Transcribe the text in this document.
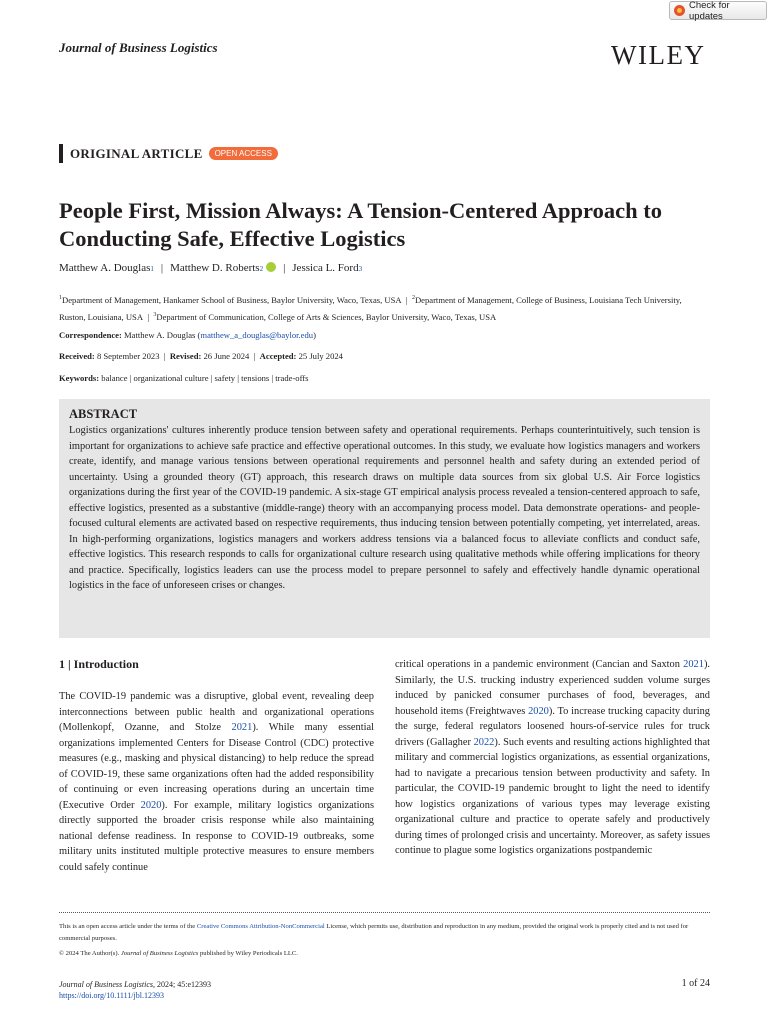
Check for updates
Journal of Business Logistics	WILEY
ORIGINAL ARTICLE	OPEN ACCESS
People First, Mission Always: A Tension-Centered Approach to Conducting Safe, Effective Logistics
Matthew A. Douglas 1 | Matthew D. Roberts 2 | Jessica L. Ford 3
$^1$Department of Management, Hankamer School of Business, Baylor University, Waco, Texas, USA  |  $^2$Department of Management, College of Business, Louisiana Tech University, Ruston, Louisiana, USA  |  $^3$Department of Communication, College of Arts & Sciences, Baylor University, Waco, Texas, USA
Correspondence: Matthew A. Douglas (matthew_a_douglas@baylor.edu)
Received: 8 September 2023  |  Revised: 26 June 2024  |  Accepted: 25 July 2024
Keywords: balance | organizational culture | safety | tensions | trade-offs
ABSTRACT
Logistics organizations' cultures inherently produce tension between safety and operational requirements. Perhaps counterintuitively, such tension is important for organizations to achieve safe practice and effective operational outcomes. In this study, we evaluate how logistics managers and workers create, identify, and manage various tensions between operational requirements and personnel health and safety during an extended period of uncertainty. Using a grounded theory (GT) approach, this research draws on multiple data sources from six global U.S. Air Force logistics organizations during the first year of the COVID-19 pandemic. A six-stage GT empirical analysis process revealed a tension-centered approach to safe, effective logistics, presented as a substantive (middle-range) theory with an accompanying process model. Data demonstrate operations- and people-focused cultural elements are activated based on respective requirements, thus inducing tension between potentially competing, yet interrelated, areas. In high-performing organizations, logistics managers and workers address tensions via a balanced focus to alleviate conflicts and conduct safe, effective logistics. This research responds to calls for organizational culture research using qualitative methods while offering implications for theory and practice. Specifically, logistics leaders can use the process model to prepare personnel to safely and effectively handle dynamic operational logistics in the face of unforeseen crises or changes.
1 | Introduction
The COVID-19 pandemic was a disruptive, global event, revealing deep interconnections between public health and organizational operations (Mollenkopf, Ozanne, and Stolze 2021). While many essential organizations implemented Centers for Disease Control (CDC) protective measures (e.g., masking and physical distancing) to help reduce the spread of COVID-19, these same organizations often had the added responsibility of continuing or even increasing operations during an uncertain time (Executive Order 2020). For example, military logistics organizations directly supported the broader crisis response while also maintaining national defense readiness. In response to COVID-19 outbreaks, some military units instituted multiple protective measures to ensure members could safely continue
critical operations in a pandemic environment (Cancian and Saxton 2021). Similarly, the U.S. trucking industry experienced sudden volume surges induced by panicked consumer purchases of food, beverages, and household items (Freightwaves 2020). To increase trucking capacity during the surge, federal regulators loosened hours-of-service rules for truck drivers (Gallagher 2022). Such events and resulting actions highlighted that military and commercial logistics organizations, as essential organizations, had to navigate a precarious tension between productivity and safety. In particular, the COVID-19 pandemic brought to light the need to identify how logistics organizations of various types may leverage existing organizational culture and practice to operate safely and productively during times of prolonged crisis and uncertainty. Moreover, as safety issues continue to plague some logistics organizations postpandemic
This is an open access article under the terms of the Creative Commons Attribution-NonCommercial License, which permits use, distribution and reproduction in any medium, provided the original work is properly cited and is not used for commercial purposes.
© 2024 The Author(s). Journal of Business Logistics published by Wiley Periodicals LLC.
Journal of Business Logistics, 2024; 45:e12393
https://doi.org/10.1111/jbl.12393
1 of 24
